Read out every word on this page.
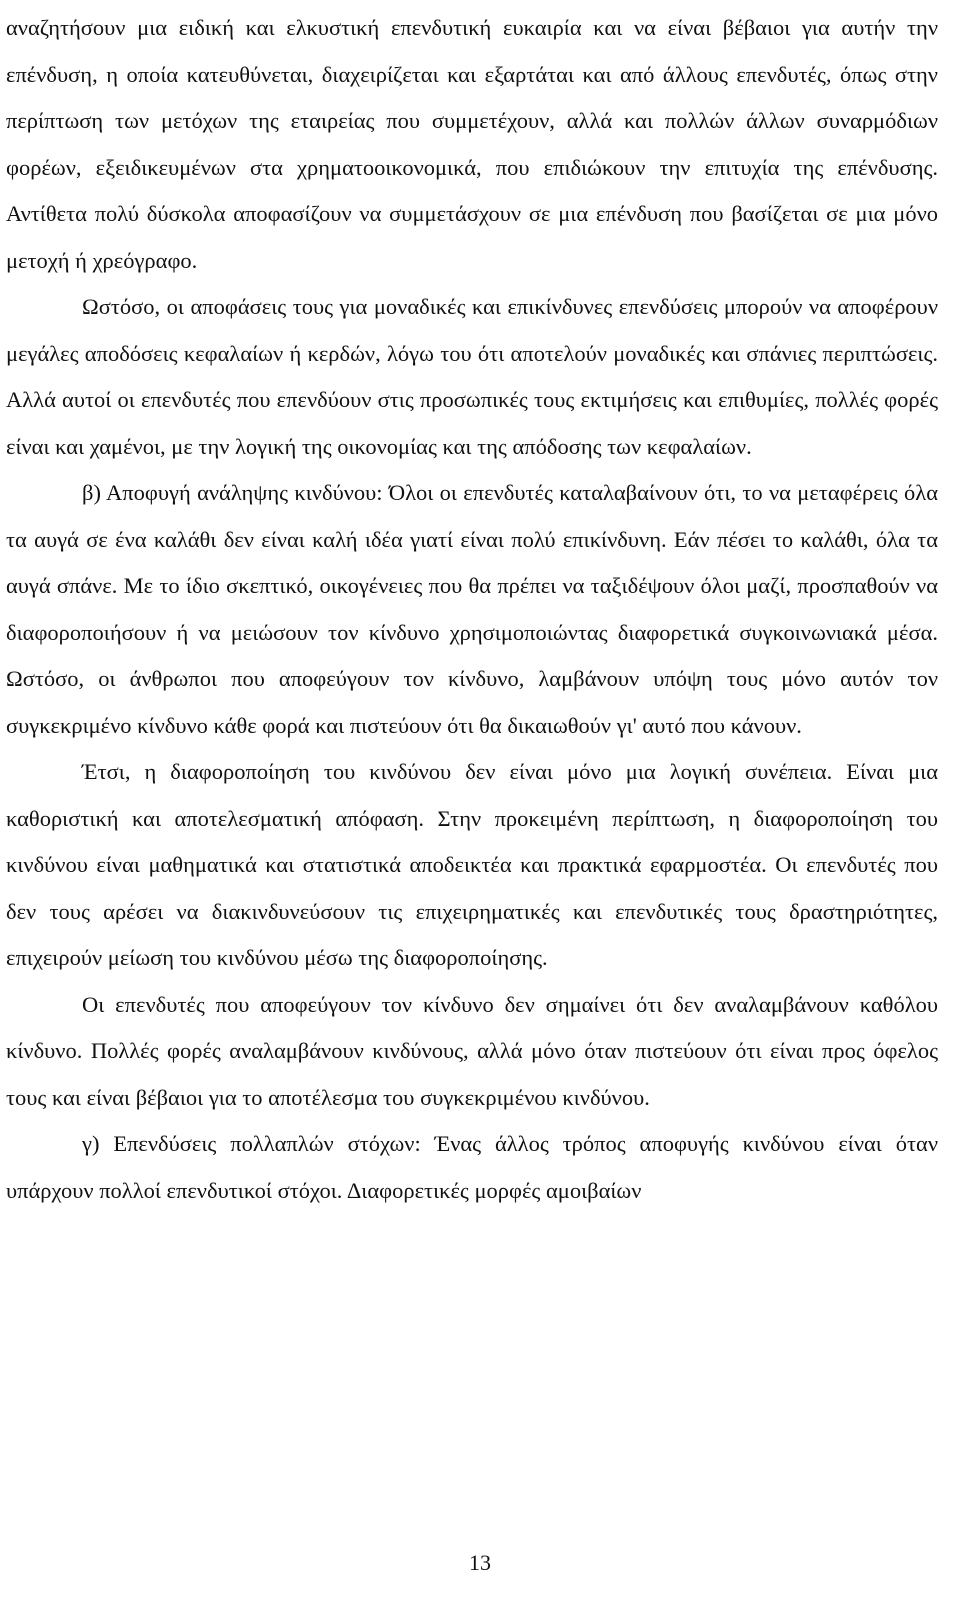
αναζητήσουν μια ειδική και ελκυστική επενδυτική ευκαιρία και να είναι βέβαιοι για αυτήν την επένδυση, η οποία κατευθύνεται, διαχειρίζεται και εξαρτάται και από άλλους επενδυτές, όπως στην περίπτωση των μετόχων της εταιρείας που συμμετέχουν, αλλά και πολλών άλλων συναρμόδιων φορέων, εξειδικευμένων στα χρηματοοικονομικά, που επιδιώκουν την επιτυχία της επένδυσης. Αντίθετα πολύ δύσκολα αποφασίζουν να συμμετάσχουν σε μια επένδυση που βασίζεται σε μια μόνο μετοχή ή χρεόγραφο.

Ωστόσο, οι αποφάσεις τους για μοναδικές και επικίνδυνες επενδύσεις μπορούν να αποφέρουν μεγάλες αποδόσεις κεφαλαίων ή κερδών, λόγω του ότι αποτελούν μοναδικές και σπάνιες περιπτώσεις. Αλλά αυτοί οι επενδυτές που επενδύουν στις προσωπικές τους εκτιμήσεις και επιθυμίες, πολλές φορές είναι και χαμένοι, με την λογική της οικονομίας και της απόδοσης των κεφαλαίων.

β) Αποφυγή ανάληψης κινδύνου: Όλοι οι επενδυτές καταλαβαίνουν ότι, το να μεταφέρεις όλα τα αυγά σε ένα καλάθι δεν είναι καλή ιδέα γιατί είναι πολύ επικίνδυνη. Εάν πέσει το καλάθι, όλα τα αυγά σπάνε. Με το ίδιο σκεπτικό, οικογένειες που θα πρέπει να ταξιδέψουν όλοι μαζί, προσπαθούν να διαφοροποιήσουν ή να μειώσουν τον κίνδυνο χρησιμοποιώντας διαφορετικά συγκοινωνιακά μέσα. Ωστόσο, οι άνθρωποι που αποφεύγουν τον κίνδυνο, λαμβάνουν υπόψη τους μόνο αυτόν τον συγκεκριμένο κίνδυνο κάθε φορά και πιστεύουν ότι θα δικαιωθούν γι' αυτό που κάνουν.

Έτσι, η διαφοροποίηση του κινδύνου δεν είναι μόνο μια λογική συνέπεια. Είναι μια καθοριστική και αποτελεσματική απόφαση. Στην προκειμένη περίπτωση, η διαφοροποίηση του κινδύνου είναι μαθηματικά και στατιστικά αποδεικτέα και πρακτικά εφαρμοστέα. Οι επενδυτές που δεν τους αρέσει να διακινδυνεύσουν τις επιχειρηματικές και επενδυτικές τους δραστηριότητες, επιχειρούν μείωση του κινδύνου μέσω της διαφοροποίησης.

Οι επενδυτές που αποφεύγουν τον κίνδυνο δεν σημαίνει ότι δεν αναλαμβάνουν καθόλου κίνδυνο. Πολλές φορές αναλαμβάνουν κινδύνους, αλλά μόνο όταν πιστεύουν ότι είναι προς όφελος τους και είναι βέβαιοι για το αποτέλεσμα του συγκεκριμένου κινδύνου.

γ) Επενδύσεις πολλαπλών στόχων: Ένας άλλος τρόπος αποφυγής κινδύνου είναι όταν υπάρχουν πολλοί επενδυτικοί στόχοι. Διαφορετικές μορφές αμοιβαίων

13
